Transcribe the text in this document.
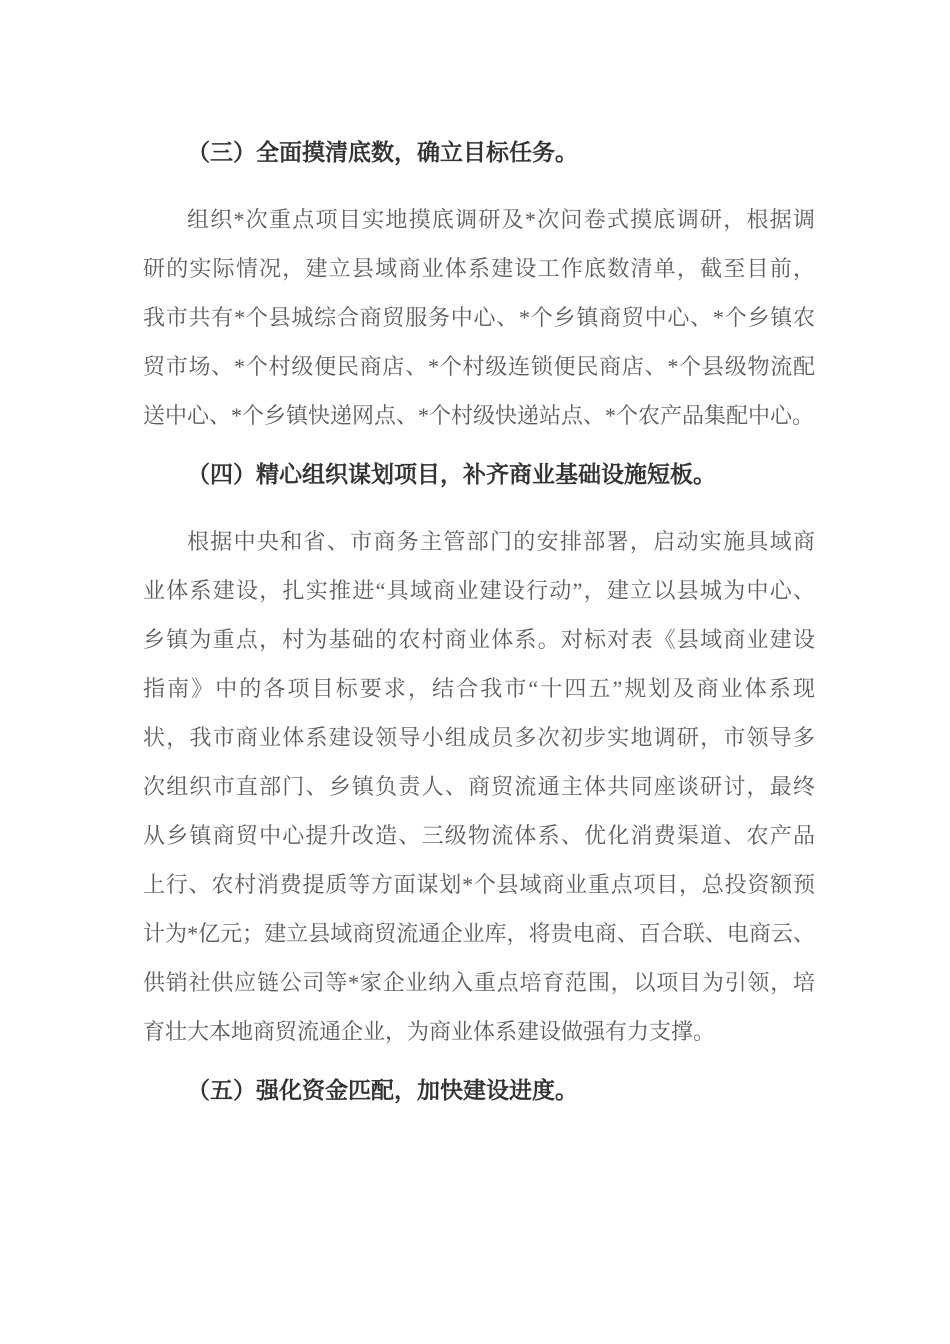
（三）全面摸清底数，确立目标任务。
组织*次重点项目实地摸底调研及*次问卷式摸底调研，根据调
研的实际情况，建立县域商业体系建设工作底数清单，截至目前，
我市共有*个县城综合商贸服务中心、*个乡镇商贸中心、*个乡镇农
贸市场、*个村级便民商店、*个村级连锁便民商店、*个县级物流配
送中心、*个乡镇快递网点、*个村级快递站点、*个农产品集配中心。
（四）精心组织谋划项目，补齐商业基础设施短板。
根据中央和省、市商务主管部门的安排部署，启动实施具域商
业体系建设，扎实推进“具域商业建设行动”，建立以县城为中心、
乡镇为重点，村为基础的农村商业体系。对标对表《县域商业建设
指南》中的各项目标要求，结合我市“十四五”规划及商业体系现
状，我市商业体系建设领导小组成员多次初步实地调研，市领导多
次组织市直部门、乡镇负责人、商贸流通主体共同座谈研讨，最终
从乡镇商贸中心提升改造、三级物流体系、优化消费渠道、农产品
上行、农村消费提质等方面谋划*个县域商业重点项目，总投资额预
计为*亿元；建立县域商贸流通企业库，将贵电商、百合联、电商云、
供销社供应链公司等*家企业纳入重点培育范围，以项目为引领，培
育壮大本地商贸流通企业，为商业体系建设做强有力支撑。
（五）强化资金匹配，加快建设进度。
